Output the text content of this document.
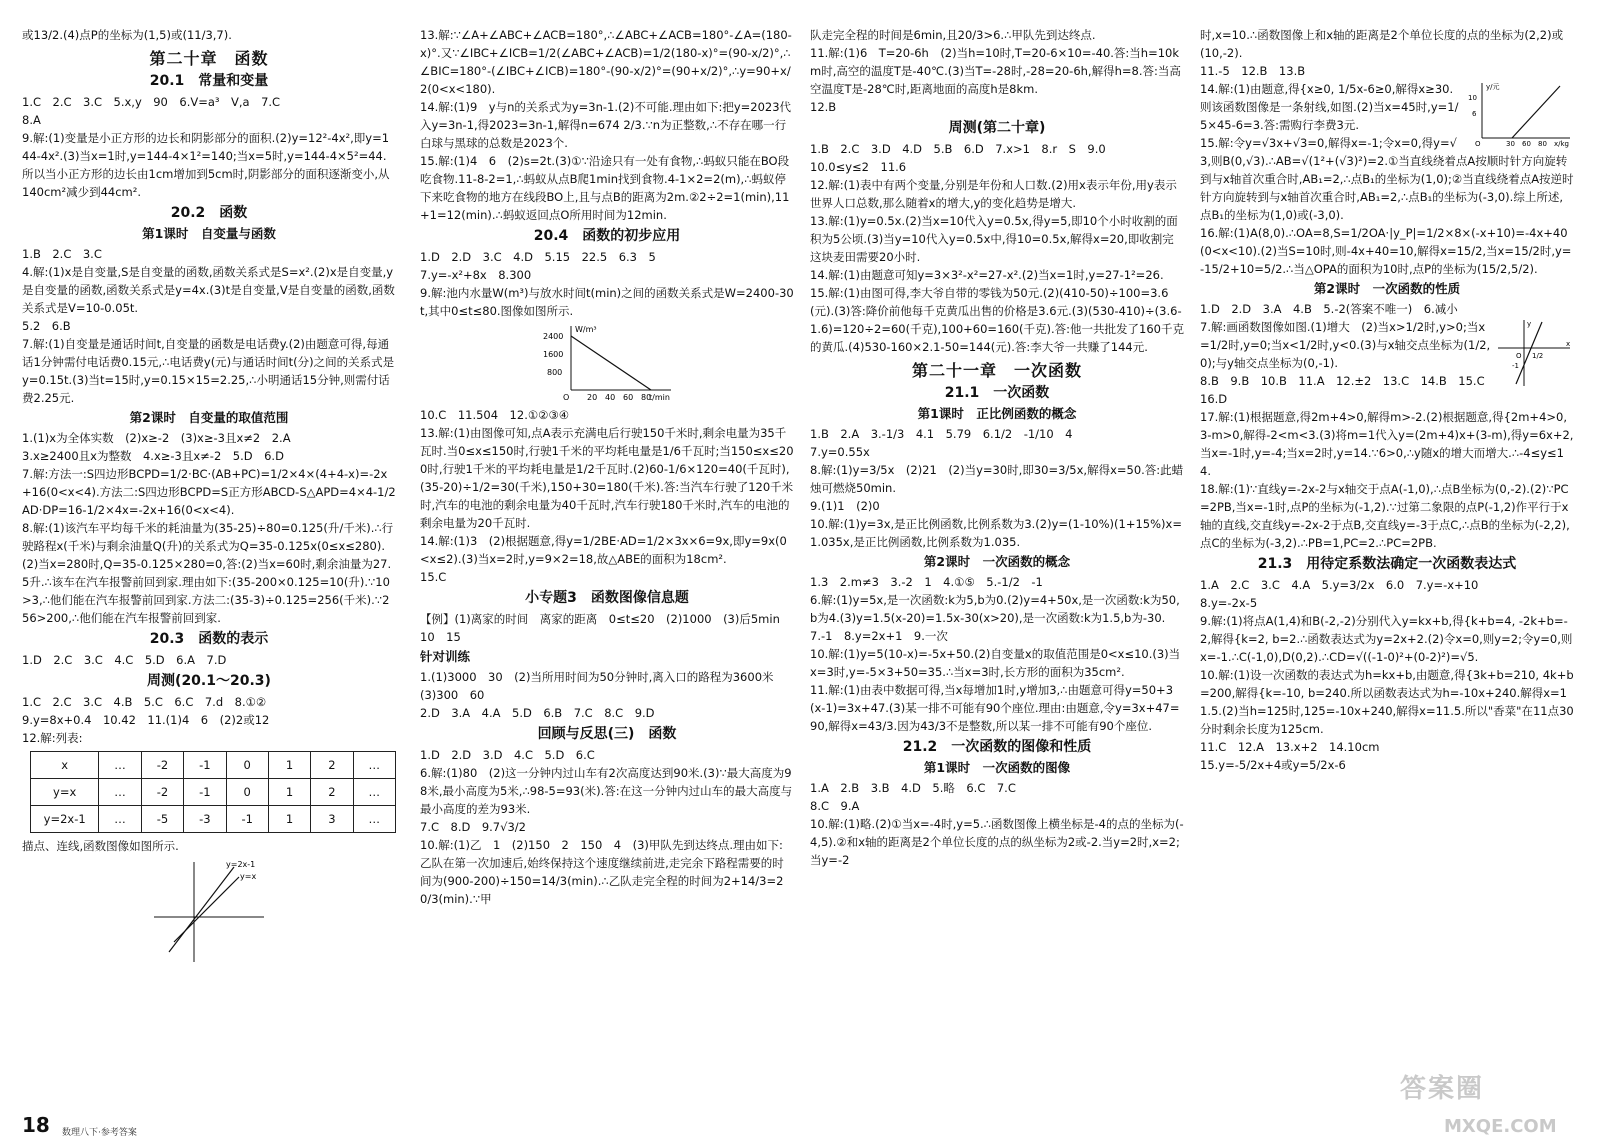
或13/2.(4)点P的坐标为(1,5)或(11/3,7).
第二十章　函数
20.1　常量和变量
1.C　2.C　3.C　5.x,y　90　6.V=a³　V,a　7.C
8.A
9.解:(1)变量是小正方形的边长和阴影部分的面积.(2)y=12²-4x²,即y=144-4x².(3)当x=1时,y=144-4×1²=140;当x=5时,y=144-4×5²=44.所以当小正方形的边长由1cm增加到5cm时,阴影部分的面积逐渐变小,从140cm²减少到44cm².
20.2　函数
第1课时　自变量与函数
1.B　2.C　3.C
4.解:(1)x是自变量,S是自变量的函数,函数关系式是S=x².(2)x是自变量,y是自变量的函数,函数关系式是y=4x.(3)t是自变量,V是自变量的函数,函数关系式是V=10-0.05t.
5.2　6.B
7.解:(1)自变量是通话时间t,自变量的函数是电话费y.(2)由题意可得,每通话1分钟需付电话费0.15元,∴电话费y(元)与通话时间t(分)之间的关系式是y=0.15t.(3)当t=15时,y=0.15×15=2.25,∴小明通话15分钟,则需付话费2.25元.
第2课时　自变量的取值范围
1.(1)x为全体实数　(2)x≥-2　(3)x≥-3且x≠2　2.A
3.x≥2400且x为整数　4.x≥-3且x≠-2　5.D　6.D
7.解:方法一:S四边形BCPD=1/2·BC·(AB+PC)=1/2×4×(4+4-x)=-2x+16(0<x<4).方法二:S四边形BCPD=S正方形ABCD-S△APD=4×4-1/2AD·DP=16-1/2×4x=-2x+16(0<x<4).
8.解:(1)该汽车平均每千米的耗油量为(35-25)÷80=0.125(升/千米).∴行驶路程x(千米)与剩余油量Q(升)的关系式为Q=35-0.125x(0≤x≤280).(2)当x=280时,Q=35-0.125×280=0,答:(2)当x=60时,剩余油量为27.5升.∴该车在汽车报警前回到家.理由如下:(35-200×0.125=10(升).∵10>3,∴他们能在汽车报警前回到家.方法二:(35-3)÷0.125=256(千米).∵256>200,∴他们能在汽车报警前回到家.
20.3　函数的表示
1.D　2.C　3.C　4.C　5.D　6.A　7.D
周测(20.1～20.3)
1.C　2.C　3.C　4.B　5.C　6.C　7.d　8.①②
9.y=8x+0.4　10.42　11.(1)4　6　(2)2或12
12.解:列表:
x	…	-2	-1	0	1	2	…
y=x	…	-2	-1	0	1	2	…
y=2x-1	…	-5	-3	-1	1	3	…
描点、连线,函数图像如图所示.
y=2x-1
y=x
13.解:∵∠A+∠ABC+∠ACB=180°,∴∠ABC+∠ACB=180°-∠A=(180-x)°.又∵∠IBC+∠ICB=1/2(∠ABC+∠ACB)=1/2(180-x)°=(90-x/2)°,∴∠BIC=180°-(∠IBC+∠ICB)=180°-(90-x/2)°=(90+x/2)°,∴y=90+x/2(0<x<180).
14.解:(1)9　y与n的关系式为y=3n-1.(2)不可能.理由如下:把y=2023代入y=3n-1,得2023=3n-1,解得n=674 2/3.∵n为正整数,∴不存在哪一行白球与黑球的总数是2023个.
15.解:(1)4　6　(2)s=2t.(3)①∵沿途只有一处有食物,∴蚂蚁只能在BO段吃食物.11-8-2=1,∴蚂蚁从点B爬1min找到食物.4-1×2=2(m),∴蚂蚁停下来吃食物的地方在线段BO上,且与点B的距离为2m.②2÷2=1(min),11+1=12(min).∴蚂蚁返回点O所用时间为12min.
20.4　函数的初步应用
1.D　2.D　3.C　4.D　5.15　22.5　6.3　5
7.y=-x²+8x　8.300
9.解:池内水量W(m³)与放水时间t(min)之间的函数关系式是W=2400-30t,其中0≤t≤80.图像如图所示.
W/m³
t/min
2400
1600
800
O 20 40 60 80
10.C　11.504　12.①②③④
13.解:(1)由图像可知,点A表示充满电后行驶150千米时,剩余电量为35千瓦时.当0≤x≤150时,行驶1千米的平均耗电量是1/6千瓦时;当150≤x≤200时,行驶1千米的平均耗电量是1/2千瓦时.(2)60-1/6×120=40(千瓦时),(35-20)÷1/2=30(千米),150+30=180(千米).答:当汽车行驶了120千米时,汽车的电池的剩余电量为40千瓦时,汽车行驶180千米时,汽车的电池的剩余电量为20千瓦时.
14.解:(1)3　(2)根据题意,得y=1/2BE·AD=1/2×3x×6=9x,即y=9x(0<x≤2).(3)当x=2时,y=9×2=18,故△ABE的面积为18cm².
15.C
小专题3　函数图像信息题
【例】(1)离家的时间　离家的距离　0≤t≤20　(2)1000　(3)后5min　10　15
针对训练
1.(1)3000　30　(2)当所用时间为50分钟时,离入口的路程为3600米　(3)300　60
2.D　3.A　4.A　5.D　6.B　7.C　8.C　9.D
回顾与反思(三)　函数
1.D　2.D　3.D　4.C　5.D　6.C
6.解:(1)80　(2)这一分钟内过山车有2次高度达到90米.(3)∵最大高度为98米,最小高度为5米,∴98-5=93(米).答:在这一分钟内过山车的最大高度与最小高度的差为93米.
7.C　8.D　9.7√3/2
10.解:(1)乙　1　(2)150　2　150　4　(3)甲队先到达终点.理由如下:乙队在第一次加速后,始终保持这个速度继续前进,走完余下路程需要的时间为(900-200)÷150=14/3(min).∴乙队走完全程的时间为2+14/3=20/3(min).∵甲
队走完全程的时间是6min,且20/3>6.∴甲队先到达终点.
11.解:(1)6　T=20-6h　(2)当h=10时,T=20-6×10=-40.答:当h=10km时,高空的温度T是-40℃.(3)当T=-28时,-28=20-6h,解得h=8.答:当高空温度T是-28℃时,距离地面的高度h是8km.
12.B
周测(第二十章)
1.B　2.C　3.D　4.D　5.B　6.D　7.x>1　8.r　S　9.0
10.0≤y≤2　11.6
12.解:(1)表中有两个变量,分别是年份和人口数.(2)用x表示年份,用y表示世界人口总数,那么随着x的增大,y的变化趋势是增大.
13.解:(1)y=0.5x.(2)当x=10代入y=0.5x,得y=5,即10个小时收割的面积为5公顷.(3)当y=10代入y=0.5x中,得10=0.5x,解得x=20,即收割完这块麦田需要20小时.
14.解:(1)由题意可知y=3×3²-x²=27-x².(2)当x=1时,y=27-1²=26.
15.解:(1)由图可得,李大爷自带的零钱为50元.(2)(410-50)÷100=3.6(元).(3)答:降价前他每千克黄瓜出售的价格是3.6元.(3)(530-410)÷(3.6-1.6)=120÷2=60(千克),100+60=160(千克).答:他一共批发了160千克的黄瓜.(4)530-160×2.1-50=144(元).答:李大爷一共赚了144元.
第二十一章　一次函数
21.1　一次函数
第1课时　正比例函数的概念
1.B　2.A　3.-1/3　4.1　5.79　6.1/2　-1/10　4
7.y=0.55x
8.解:(1)y=3/5x　(2)21　(2)当y=30时,即30=3/5x,解得x=50.答:此蜡烛可燃烧50min.
9.(1)1　(2)0
10.解:(1)y=3x,是正比例函数,比例系数为3.(2)y=(1-10%)(1+15%)x=1.035x,是正比例函数,比例系数为1.035.
第2课时　一次函数的概念
1.3　2.m≠3　3.-2　1　4.①⑤　5.-1/2　-1
6.解:(1)y=5x,是一次函数:k为5,b为0.(2)y=4+50x,是一次函数:k为50,b为4.(3)y=1.5(x-20)=1.5x-30(x>20),是一次函数:k为1.5,b为-30.
7.-1　8.y=2x+1　9.一次
10.解:(1)y=5(10-x)=-5x+50.(2)自变量x的取值范围是0<x≤10.(3)当x=3时,y=-5×3+50=35.∴当x=3时,长方形的面积为35cm².
11.解:(1)由表中数据可得,当x每增加1时,y增加3,∴由题意可得y=50+3(x-1)=3x+47.(3)某一排不可能有90个座位.理由:由题意,令y=3x+47=90,解得x=43/3.因为43/3不是整数,所以某一排不可能有90个座位.
21.2　一次函数的图像和性质
第1课时　一次函数的图像
1.A　2.B　3.B　4.D　5.略　6.C　7.C
8.C　9.A
10.解:(1)略.(2)①当x=-4时,y=5.∴函数图像上横坐标是-4的点的坐标为(-4,5).②和x轴的距离是2个单位长度的点的纵坐标为2或-2.当y=2时,x=2;当y=-2
时,x=10.∴函数图像上和x轴的距离是2个单位长度的点的坐标为(2,2)或(10,-2).
11.-5　12.B　13.B
y/元
x/kg
10
6
O	30 60 80
14.解:(1)由题意,得{x≥0, 1/5x-6≥0,解得x≥30.则该函数图像是一条射线,如图.(2)当x=45时,y=1/5×45-6=3.答:需购行李费3元.
15.解:令y=√3x+√3=0,解得x=-1;令x=0,得y=√3,则B(0,√3).∴AB=√(1²+(√3)²)=2.①当直线绕着点A按顺时针方向旋转到与x轴首次重合时,AB₁=2,∴点B₁的坐标为(1,0);②当直线绕着点A按逆时针方向旋转到与x轴首次重合时,AB₁=2,∴点B₁的坐标为(-3,0).综上所述,点B₁的坐标为(1,0)或(-3,0).
16.解:(1)A(8,0).∴OA=8,S=1/2OA·|y_P|=1/2×8×(-x+10)=-4x+40(0<x<10).(2)当S=10时,则-4x+40=10,解得x=15/2,当x=15/2时,y=-15/2+10=5/2.∴当△OPA的面积为10时,点P的坐标为(15/2,5/2).
第2课时　一次函数的性质
1.D　2.D　3.A　4.B　5.-2(答案不唯一)　6.减小
O 1/2
-1
x
y
7.解:画函数图像如图.(1)增大　(2)当x>1/2时,y>0;当x=1/2时,y=0;当x<1/2时,y<0.(3)与x轴交点坐标为(1/2,0);与y轴交点坐标为(0,-1).
8.B　9.B　10.B　11.A　12.±2　13.C　14.B　15.C
16.D
17.解:(1)根据题意,得2m+4>0,解得m>-2.(2)根据题意,得{2m+4>0, 3-m>0,解得-2<m<3.(3)将m=1代入y=(2m+4)x+(3-m),得y=6x+2,当x=-1时,y=-4;当x=2时,y=14.∵6>0,∴y随x的增大而增大.∴-4≤y≤14.
18.解:(1)∵直线y=-2x-2与x轴交于点A(-1,0),∴点B坐标为(0,-2).(2)∵PC=2PB,当x=-1时,点P的坐标为(-1,2).∵过第二象限的点P(-1,2)作平行于x轴的直线,交直线y=-2x-2于点B,交直线y=-3于点C,∴点B的坐标为(-2,2),点C的坐标为(-3,2).∴PB=1,PC=2.∴PC=2PB.
21.3　用待定系数法确定一次函数表达式
1.A　2.C　3.C　4.A　5.y=3/2x　6.0　7.y=-x+10
8.y=-2x-5
9.解:(1)将点A(1,4)和B(-2,-2)分别代入y=kx+b,得{k+b=4, -2k+b=-2,解得{k=2, b=2.∴函数表达式为y=2x+2.(2)令x=0,则y=2;令y=0,则x=-1.∴C(-1,0),D(0,2).∴CD=√((-1-0)²+(0-2)²)=√5.
10.解:(1)设一次函数的表达式为h=kx+b,由题意,得{3k+b=210, 4k+b=200,解得{k=-10, b=240.所以函数表达式为h=-10x+240.解得x=11.5.(2)当h=125时,125=-10x+240,解得x=11.5.所以"香菜"在11点30分时剩余长度为125cm.
11.C　12.A　13.x+2　14.10cm
15.y=-5/2x+4或y=5/2x-6
18 数理八下·参考答案
答案圈
MXQE.COM
